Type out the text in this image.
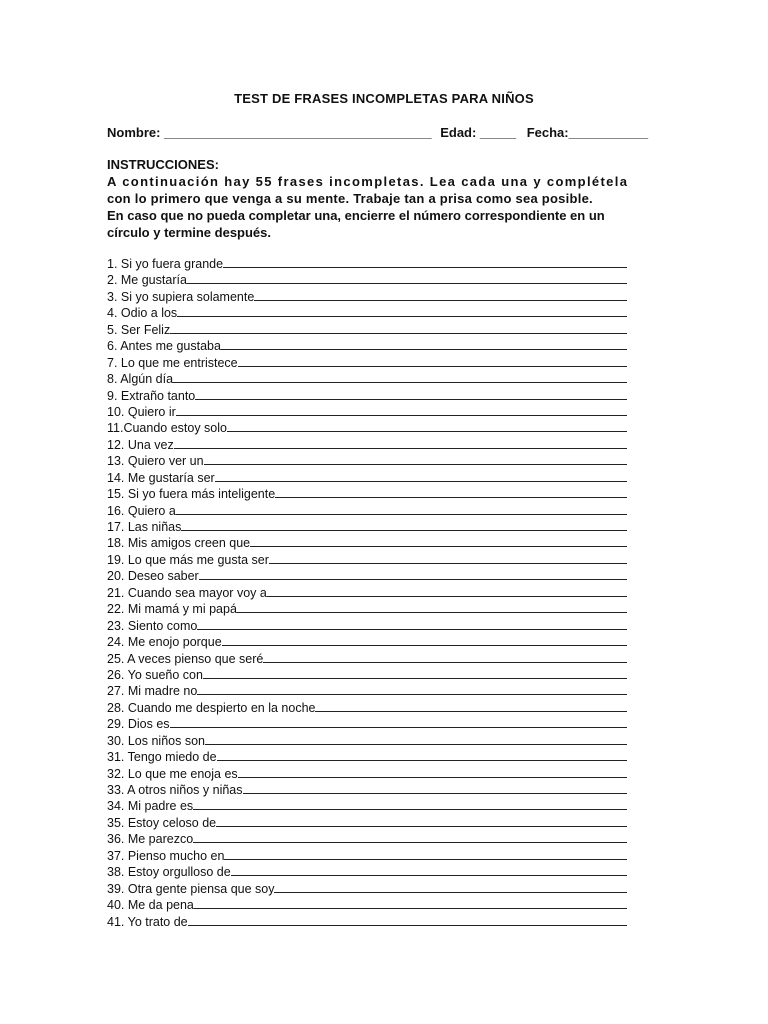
TEST DE FRASES INCOMPLETAS PARA NIÑOS
Nombre: _____________________________________ Edad: _____ Fecha:___________
INSTRUCCIONES:
A continuación hay 55 frases incompletas. Lea cada una y complétela
con lo primero que venga a su mente. Trabaje tan a prisa como sea posible.
En caso que no pueda completar una, encierre el número correspondiente en un
círculo y termine después.
1. Si yo fuera grande
2. Me gustaría
3. Si yo supiera solamente
4. Odio a los
5. Ser Feliz
6. Antes me gustaba
7. Lo que me entristece
8. Algún día
9. Extraño tanto
10. Quiero ir
11.Cuando estoy solo
12. Una vez
13. Quiero ver un
14. Me gustaría ser
15. Si yo fuera más inteligente
16. Quiero a
17. Las niñas
18. Mis amigos creen que
19. Lo que más me gusta ser
20. Deseo saber
21. Cuando sea mayor voy a
22. Mi mamá y mi papá
23. Siento como
24. Me enojo porque
25. A veces pienso que seré
26. Yo sueño con
27. Mi madre no
28. Cuando me despierto en la noche
29. Dios es
30. Los niños son
31. Tengo miedo de
32. Lo que me enoja es
33. A otros niños y niñas
34. Mi padre es
35. Estoy celoso de
36. Me parezco
37. Pienso mucho en
38. Estoy orgulloso de
39. Otra gente piensa que soy
40. Me da pena
41. Yo trato de
